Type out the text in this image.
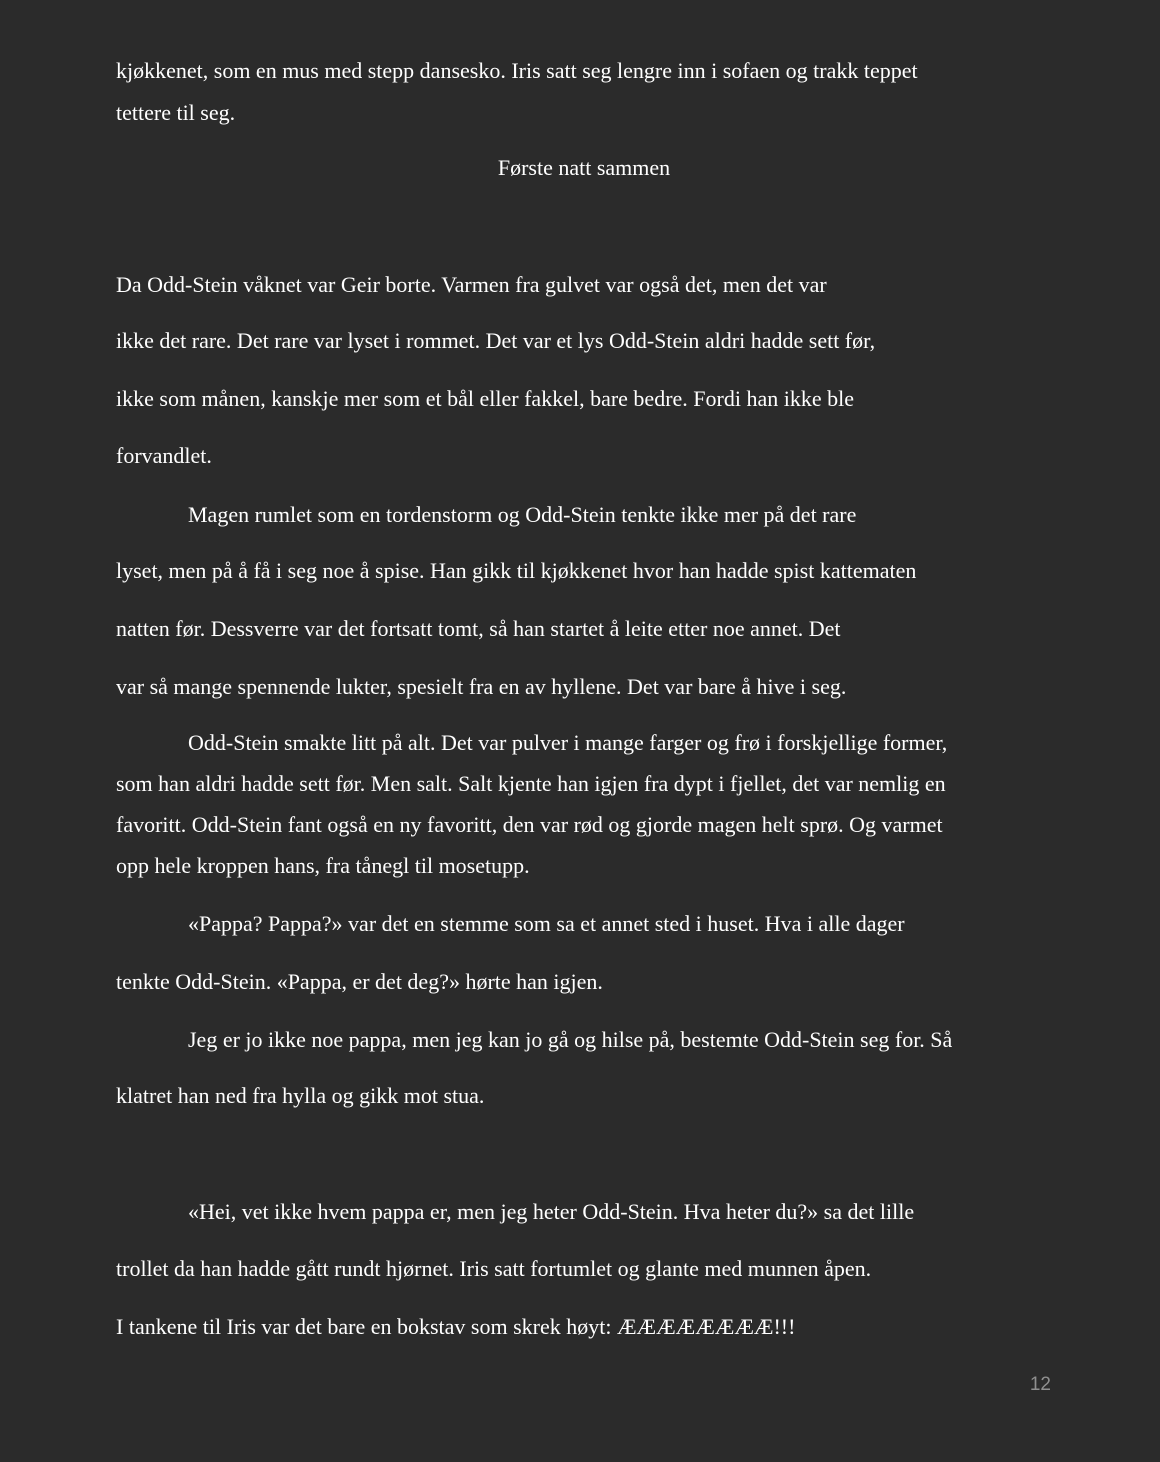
kjøkkenet, som en mus med stepp dansesko. Iris satt seg lengre inn i sofaen og trakk teppet
tettere til seg.
Første natt sammen
Da Odd-Stein våknet var Geir borte. Varmen fra gulvet var også det, men det var
ikke det rare. Det rare var lyset i rommet. Det var et lys Odd-Stein aldri hadde sett før,
ikke som månen, kanskje mer som et bål eller fakkel, bare bedre. Fordi han ikke ble
forvandlet.
Magen rumlet som en tordenstorm og Odd-Stein tenkte ikke mer på det rare
lyset, men på å få i seg noe å spise. Han gikk til kjøkkenet hvor han hadde spist kattematen
natten før. Dessverre var det fortsatt tomt, så han startet å leite etter noe annet. Det
var så mange spennende lukter, spesielt fra en av hyllene. Det var bare å hive i seg.
Odd-Stein smakte litt på alt. Det var pulver i mange farger og frø i forskjellige former,
som han aldri hadde sett før. Men salt. Salt kjente han igjen fra dypt i fjellet, det var nemlig en
favoritt. Odd-Stein fant også en ny favoritt, den var rød og gjorde magen helt sprø. Og varmet
opp hele kroppen hans, fra tånegl til mosetupp.
«Pappa? Pappa?» var det en stemme som sa et annet sted i huset. Hva i alle dager
tenkte Odd-Stein. «Pappa, er det deg?» hørte han igjen.
Jeg er jo ikke noe pappa, men jeg kan jo gå og hilse på, bestemte Odd-Stein seg for. Så
klatret han ned fra hylla og gikk mot stua.
«Hei, vet ikke hvem pappa er, men jeg heter Odd-Stein. Hva heter du?» sa det lille
trollet da han hadde gått rundt hjørnet. Iris satt fortumlet og glante med munnen åpen.
I tankene til Iris var det bare en bokstav som skrek høyt: ÆÆÆÆÆÆÆÆ!!!
12
